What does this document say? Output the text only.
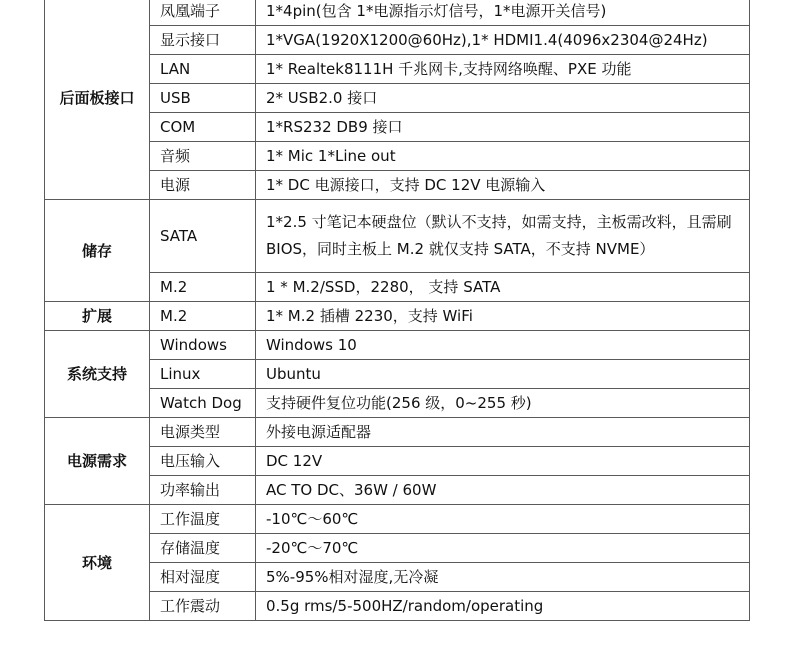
后面板接口	凤凰端子	1*4pin(包含 1*电源指示灯信号，1*电源开关信号)
	显示接口	1*VGA(1920X1200@60Hz),1* HDMI1.4(4096x2304@24Hz)
	LAN	1* Realtek8111H 千兆网卡,支持网络唤醒、PXE 功能
	USB	2* USB2.0 接口
	COM	1*RS232 DB9 接口
	音频	1* Mic 1*Line out
	电源	1* DC 电源接口，支持 DC 12V 电源输入
储存	SATA	1*2.5 寸笔记本硬盘位（默认不支持，如需支持，主板需改料，且需刷 BIOS，同时主板上 M.2 就仅支持 SATA，不支持 NVME）
	M.2	1 * M.2/SSD，2280， 支持 SATA
扩展	M.2	1* M.2 插槽 2230，支持 WiFi
系统支持	Windows	Windows 10
	Linux	Ubuntu
	Watch Dog	支持硬件复位功能(256 级，0~255 秒)
电源需求	电源类型	外接电源适配器
	电压输入	DC 12V
	功率输出	AC TO DC、36W / 60W
环境	工作温度	-10℃～60℃
	存储温度	-20℃～70℃
	相对湿度	5%-95%相对湿度,无冷凝
	工作震动	0.5g rms/5-500HZ/random/operating
